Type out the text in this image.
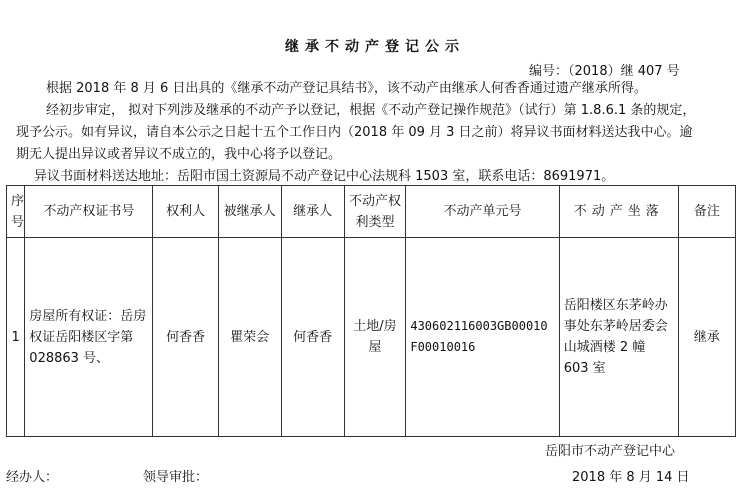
继承不动产登记公示
编号：（2018）继 407 号
根据 2018 年 8 月 6 日出具的《继承不动产登记具结书》，该不动产由继承人何香香通过遗产继承所得。
经初步审定， 拟对下列涉及继承的不动产予以登记，根据《不动产登记操作规范》（试行）第 1.8.6.1 条的规定，
现予公示。如有异议，请自本公示之日起十五个工作日内（2018 年 09 月 3 日之前）将异议书面材料送达我中心。逾
期无人提出异议或者异议不成立的，我中心将予以登记。
异议书面材料送达地址：岳阳市国土资源局不动产登记中心法规科 1503 室，联系电话：8691971。
序号	不动产权证书号	权利人	被继承人	继承人	不动产权利类型	不动产单元号	不动产坐落	备注
1	房屋所有权证：岳房权证岳阳楼区字第 028863 号、	何香香	瞿荣会	何香香	土地/房屋	430602116003GB00010F00010016	岳阳楼区东茅岭办事处东茅岭居委会山城酒楼 2 幢 603 室	继承
岳阳市不动产登记中心
经办人：	领导审批：	2018 年 8 月 14 日
